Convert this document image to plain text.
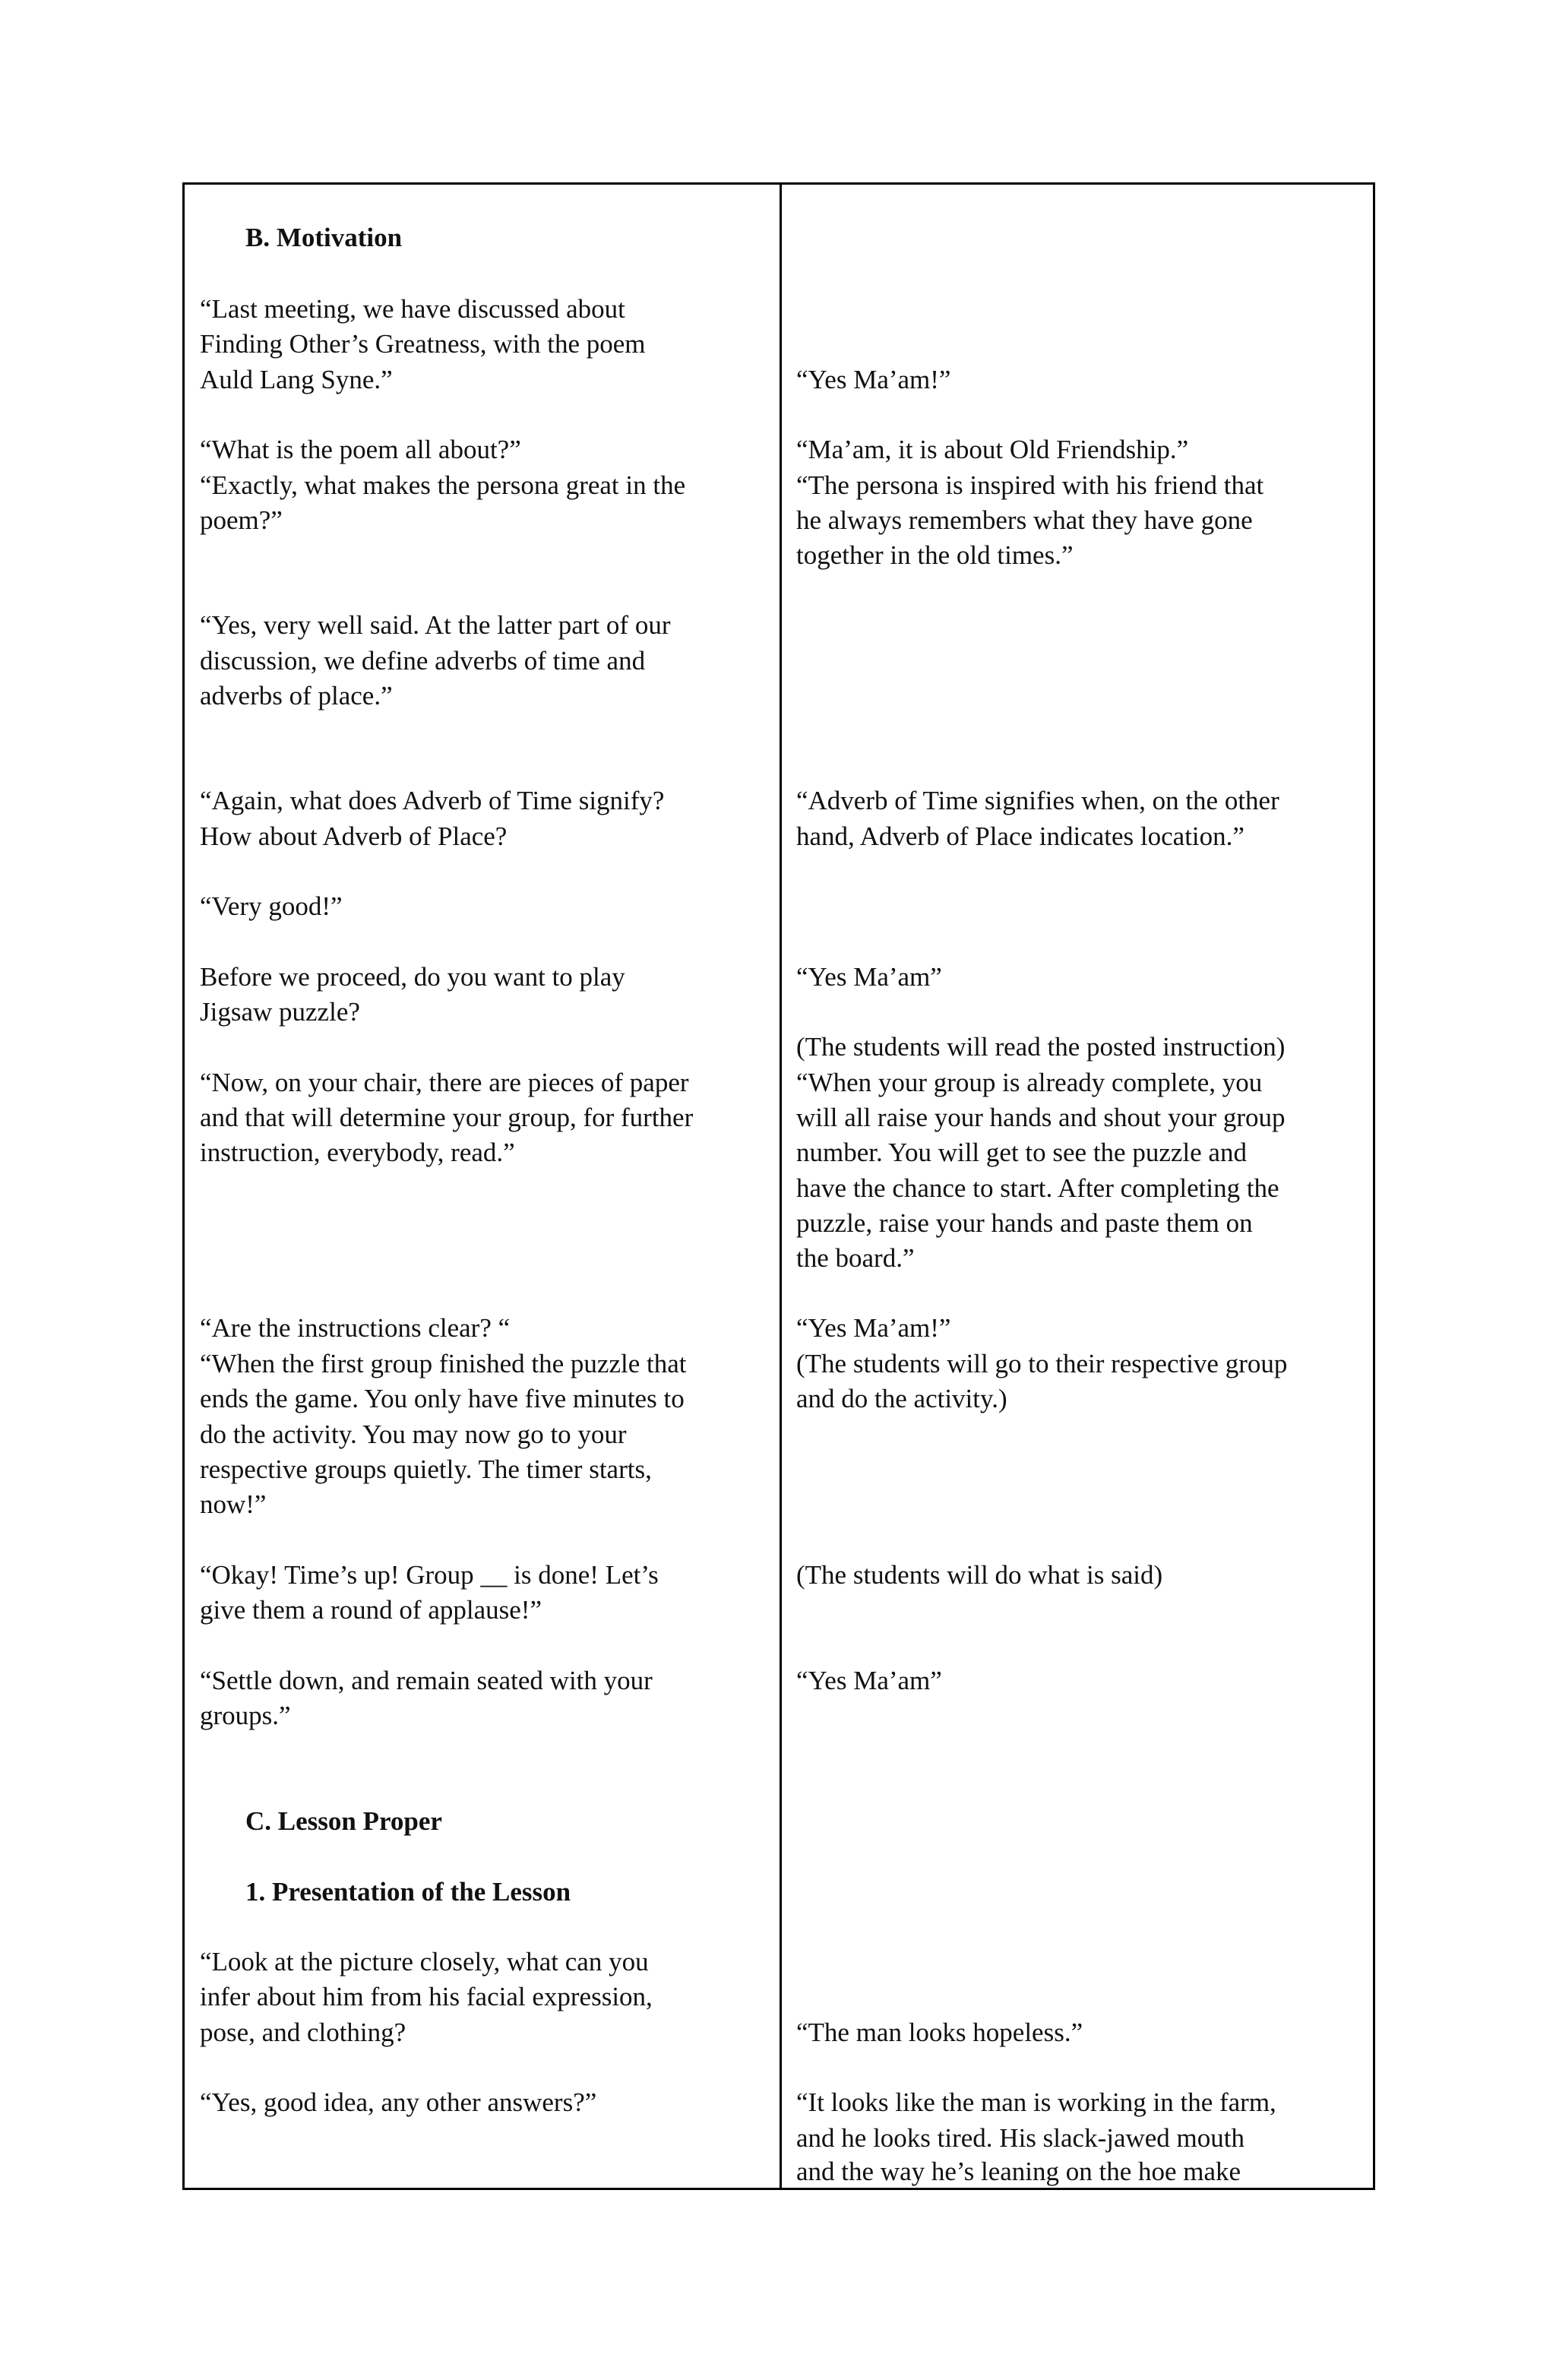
B. Motivation

“Last meeting, we have discussed about

Finding Other’s Greatness, with the poem

Auld Lang Syne.”

“What is the poem all about?”

“Exactly, what makes the persona great in the

poem?”

“Yes, very well said. At the latter part of our

discussion, we define adverbs of time and

adverbs of place.”

“Again, what does Adverb of Time signify?

How about Adverb of Place?

“Very good!”

Before we proceed, do you want to play

Jigsaw puzzle?

“Now, on your chair, there are pieces of paper

and that will determine your group, for further

instruction, everybody, read.”

“Are the instructions clear? “

“When the first group finished the puzzle that

ends the game. You only have five minutes to

do the activity. You may now go to your

respective groups quietly. The timer starts,

now!”

“Okay! Time’s up! Group __ is done! Let’s

give them a round of applause!”

“Settle down, and remain seated with your

groups.”

C. Lesson Proper

1. Presentation of the Lesson

“Look at the picture closely, what can you

infer about him from his facial expression,

pose, and clothing?

“Yes, good idea, any other answers?”

“Yes Ma’am!”

“Ma’am, it is about Old Friendship.”

“The persona is inspired with his friend that

he always remembers what they have gone

together in the old times.”

“Adverb of Time signifies when, on the other

hand, Adverb of Place indicates location.”

“Yes Ma’am”

(The students will read the posted instruction)

“When your group is already complete, you

will all raise your hands and shout your group

number. You will get to see the puzzle and

have the chance to start. After completing the

puzzle, raise your hands and paste them on

the board.”

“Yes Ma’am!”

(The students will go to their respective group

and do the activity.)

(The students will do what is said)

“Yes Ma’am”

“The man looks hopeless.”

“It looks like the man is working in the farm,

and he looks tired. His slack-jawed mouth

and the way he’s leaning on the hoe make
